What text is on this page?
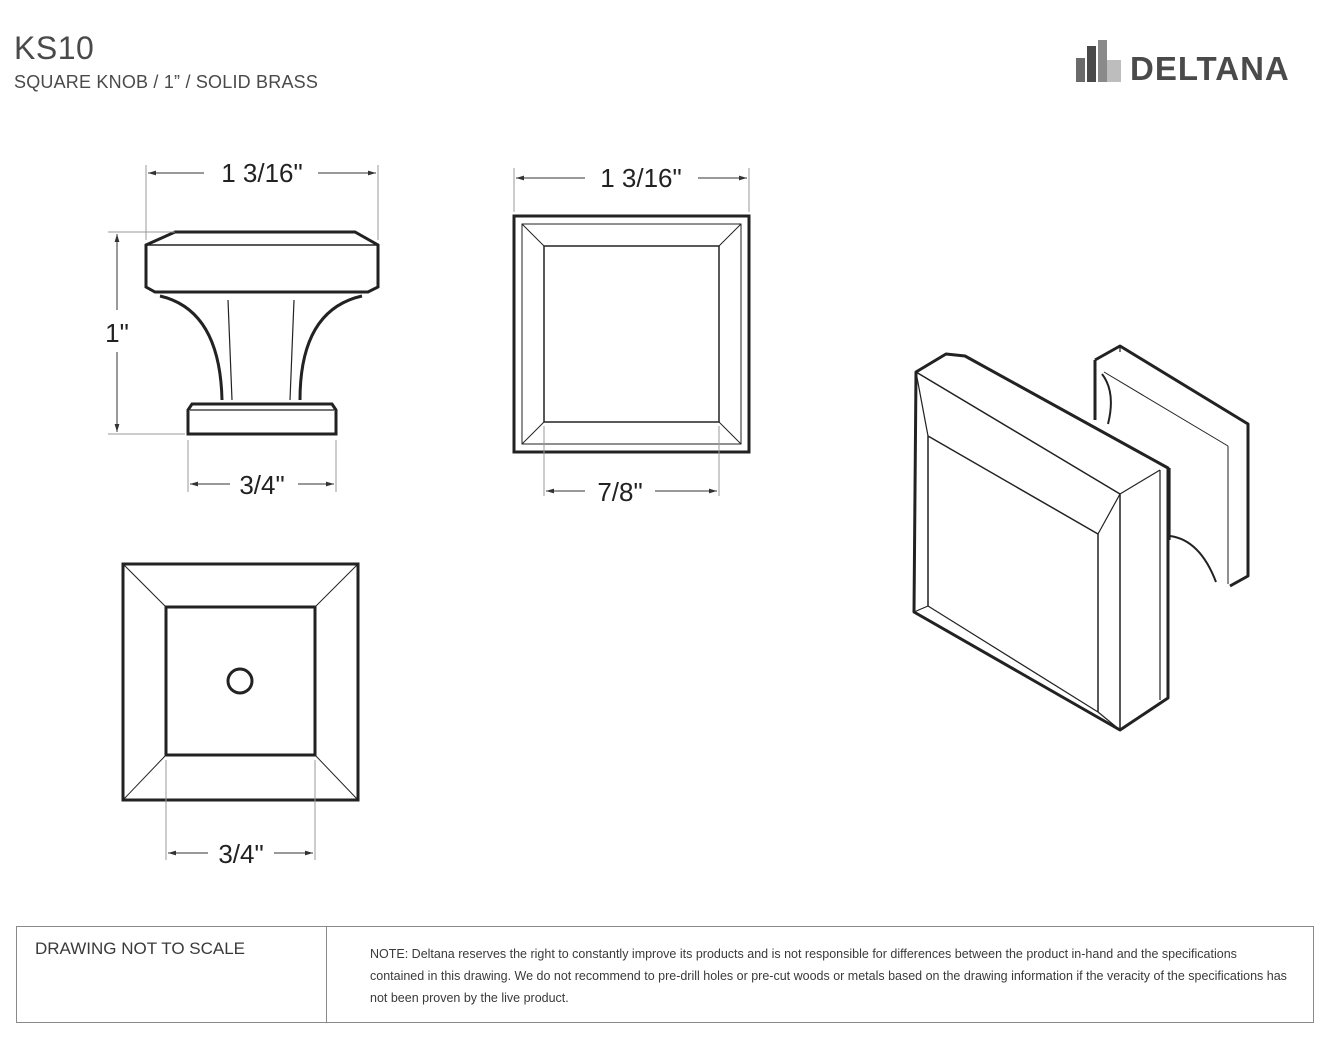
KS10
SQUARE KNOB / 1” / SOLID BRASS	DELTANA
1 3/16"
1"
3/4"
1 3/16"
7/8"
3/4"
DRAWING NOT TO SCALE	NOTE: Deltana reserves the right to constantly improve its products and is not responsible for differences between the product in-hand and the specifications contained in this drawing. We do not recommend to pre-drill holes or pre-cut woods or metals based on the drawing information if the veracity of the specifications has not been proven by the live product.
